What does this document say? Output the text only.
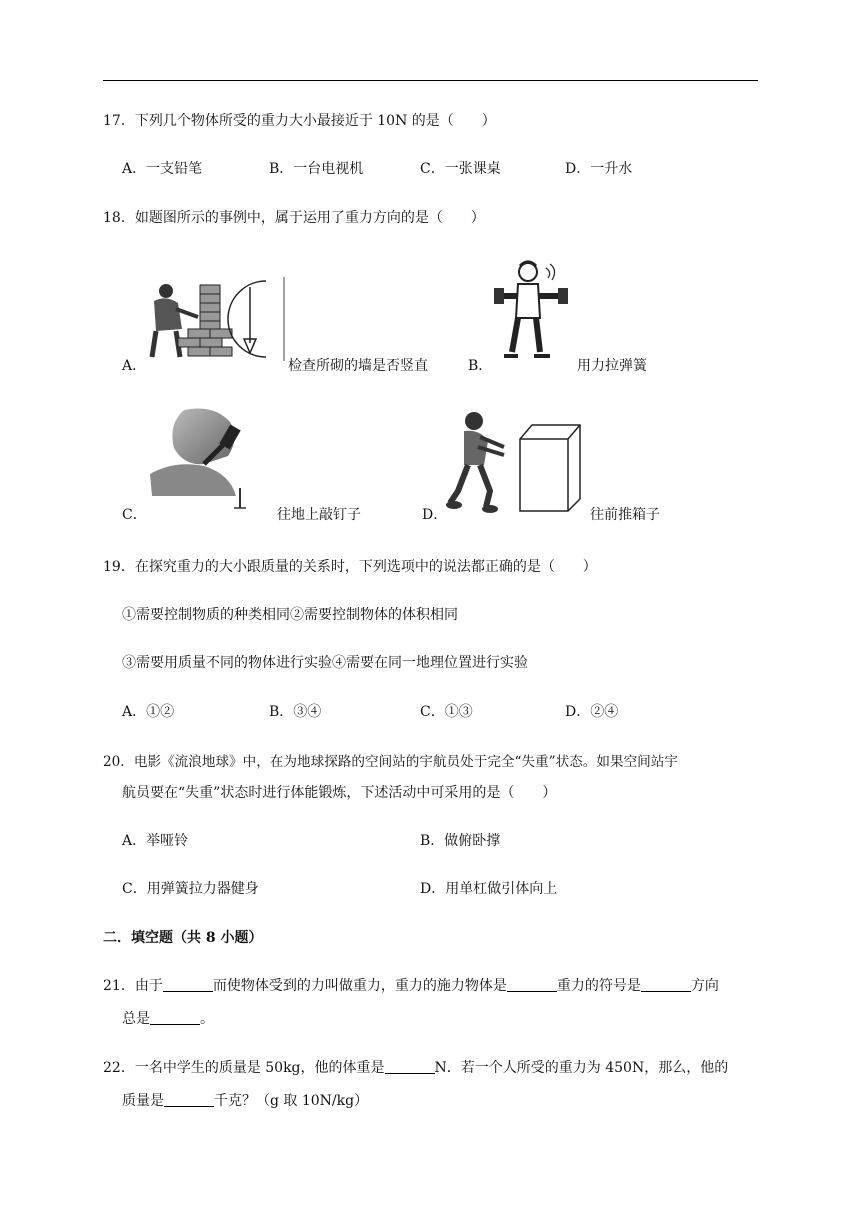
17．下列几个物体所受的重力大小最接近于 10N 的是（　　）
A．一支铅笔	B．一台电视机	C．一张课桌	D．一升水
18．如题图所示的事例中，属于运用了重力方向的是（　　）
A．	检查所砌的墙是否竖直	B．	用力拉弹簧
C．	往地上敲钉子	D．	往前推箱子
19．在探究重力的大小跟质量的关系时，下列选项中的说法都正确的是（　　）
①需要控制物质的种类相同②需要控制物体的体积相同
③需要用质量不同的物体进行实验④需要在同一地理位置进行实验
A．①②	B．③④	C．①③	D．②④
20．电影《流浪地球》中，在为地球探路的空间站的宇航员处于完全“失重”状态。如果空间站宇
航员要在“失重”状态时进行体能锻炼，下述活动中可采用的是（　　）
A．举哑铃	B．做俯卧撑
C．用弹簧拉力器健身	D．用单杠做引体向上
二．填空题（共 8 小题）
21．由于	而使物体受到的力叫做重力，重力的施力物体是	重力的符号是	方向
总是	。
22．一名中学生的质量是 50kg，他的体重是	N．若一个人所受的重力为 450N，那么，他的
质量是	千克？（g 取 10N/kg）
